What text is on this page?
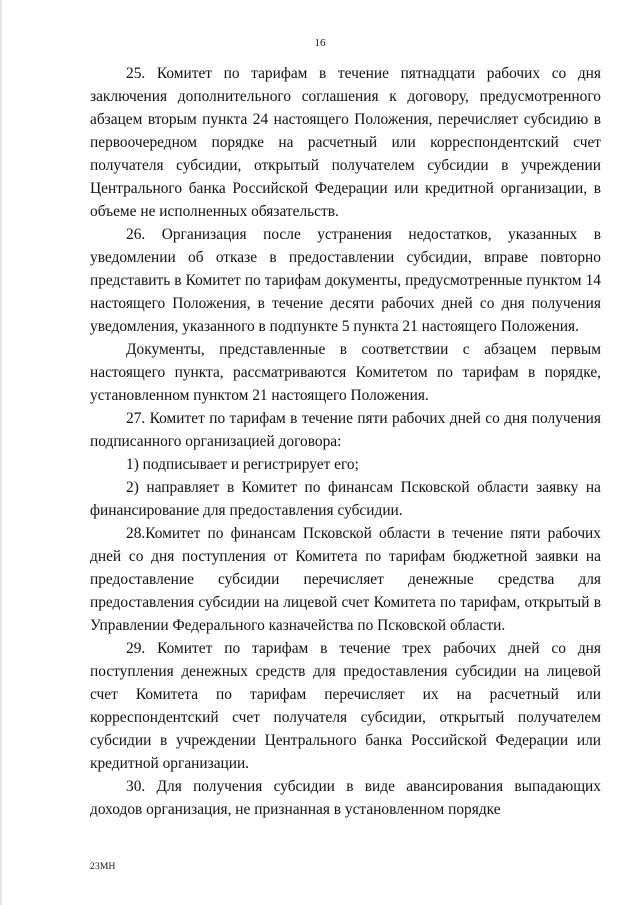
16

25. Комитет по тарифам в течение пятнадцати рабочих со дня заключения дополнительного соглашения к договору, предусмотренного абзацем вторым пункта 24 настоящего Положения, перечисляет субсидию в первоочередном порядке на расчетный или корреспондентский счет получателя субсидии, открытый получателем субсидии в учреждении Центрального банка Российской Федерации или кредитной организации, в объеме не исполненных обязательств.

26. Организация после устранения недостатков, указанных в уведомлении об отказе в предоставлении субсидии, вправе повторно представить в Комитет по тарифам документы, предусмотренные пунктом 14 настоящего Положения, в течение десяти рабочих дней со дня получения уведомления, указанного в подпункте 5 пункта 21 настоящего Положения.

Документы, представленные в соответствии с абзацем первым настоящего пункта, рассматриваются Комитетом по тарифам в порядке, установленном пунктом 21 настоящего Положения.

27. Комитет по тарифам в течение пяти рабочих дней со дня получения подписанного организацией договора:

1) подписывает и регистрирует его;

2) направляет в Комитет по финансам Псковской области заявку на финансирование для предоставления субсидии.

28.Комитет по финансам Псковской области в течение пяти рабочих дней со дня поступления от Комитета по тарифам бюджетной заявки на предоставление субсидии перечисляет денежные средства для предоставления субсидии на лицевой счет Комитета по тарифам, открытый в Управлении Федерального казначейства по Псковской области.

29. Комитет по тарифам в течение трех рабочих дней со дня поступления денежных средств для предоставления субсидии на лицевой счет Комитета по тарифам перечисляет их на расчетный или корреспондентский счет получателя субсидии, открытый получателем субсидии в учреждении Центрального банка Российской Федерации или кредитной организации.

30. Для получения субсидии в виде авансирования выпадающих доходов организация, не признанная в установленном порядке

23МН
